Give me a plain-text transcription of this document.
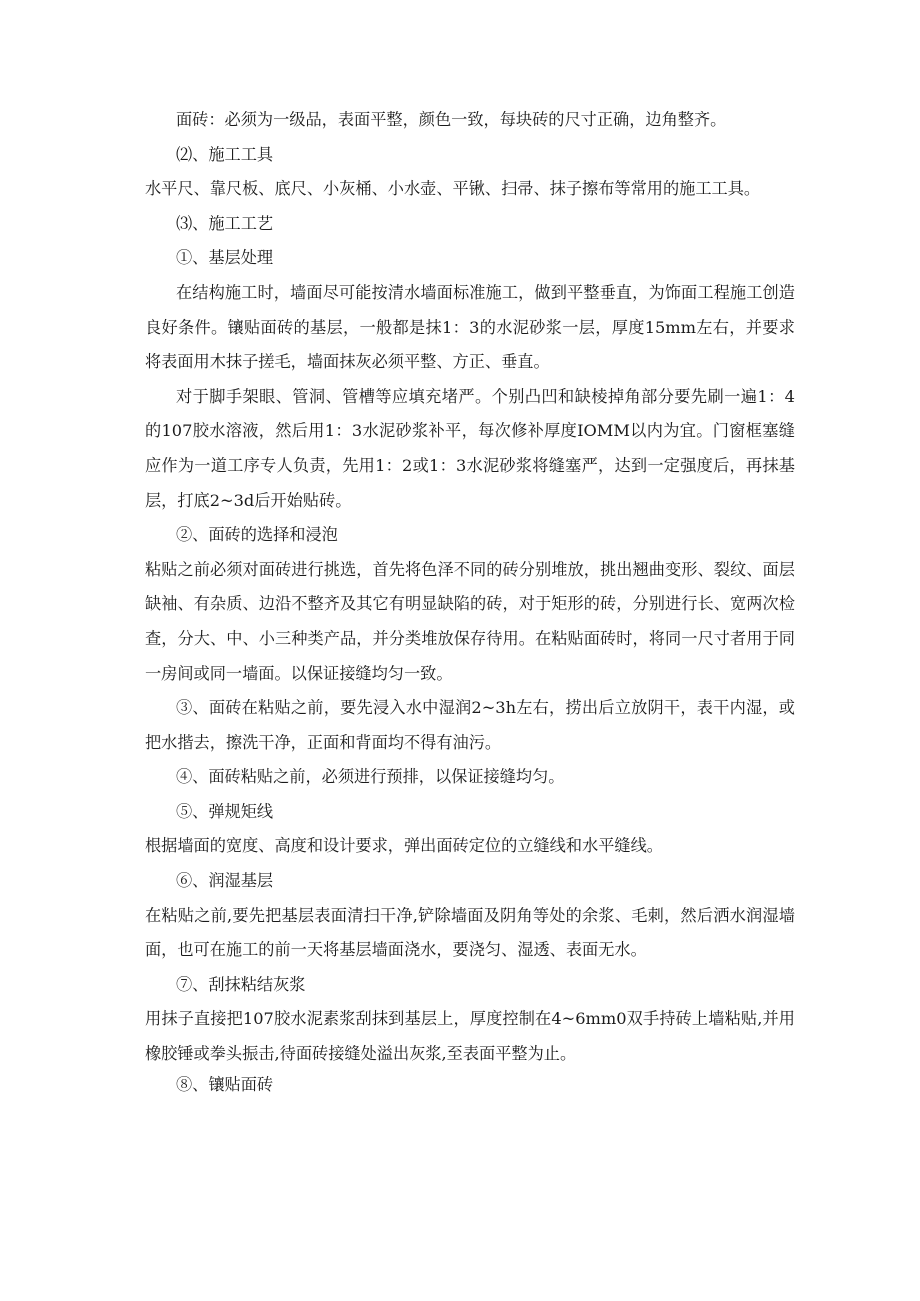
面砖：必须为一级品，表面平整，颜色一致，每块砖的尺寸正确，边角整齐。

⑵、施工工具

水平尺、靠尺板、底尺、小灰桶、小水壶、平锹、扫帚、抹子擦布等常用的施工工具。

⑶、施工工艺

①、基层处理

在结构施工时，墙面尽可能按清水墙面标准施工，做到平整垂直，为饰面工程施工创造良好条件。镶贴面砖的基层，一般都是抹1：3的水泥砂浆一层，厚度15mm左右，并要求将表面用木抹子搓毛，墙面抹灰必须平整、方正、垂直。

对于脚手架眼、管洞、管槽等应填充堵严。个别凸凹和缺棱掉角部分要先刷一遍1：4的107胶水溶液，然后用1：3水泥砂浆补平，每次修补厚度IOMM以内为宜。门窗框塞缝应作为一道工序专人负责，先用1：2或1：3水泥砂浆将缝塞严，达到一定强度后，再抹基层，打底2~3d后开始贴砖。

②、面砖的选择和浸泡

粘贴之前必须对面砖进行挑选，首先将色泽不同的砖分别堆放，挑出翘曲变形、裂纹、面层缺袖、有杂质、边沿不整齐及其它有明显缺陷的砖，对于矩形的砖，分别进行长、宽两次检查，分大、中、小三种类产品，并分类堆放保存待用。在粘贴面砖时，将同一尺寸者用于同一房间或同一墙面。以保证接缝均匀一致。

③、面砖在粘贴之前，要先浸入水中湿润2~3h左右，捞出后立放阴干，表干内湿，或把水揩去，擦洗干净，正面和背面均不得有油污。

④、面砖粘贴之前，必须进行预排，以保证接缝均匀。

⑤、弹规矩线

根据墙面的宽度、高度和设计要求，弹出面砖定位的立缝线和水平缝线。

⑥、润湿基层

在粘贴之前,要先把基层表面清扫干净,铲除墙面及阴角等处的余浆、毛刺，然后洒水润湿墙面，也可在施工的前一天将基层墙面浇水，要浇匀、湿透、表面无水。

⑦、刮抹粘结灰浆

用抹子直接把107胶水泥素浆刮抹到基层上，厚度控制在4~6mm0双手持砖上墙粘贴,并用橡胶锤或拳头振击,待面砖接缝处溢出灰浆,至表面平整为止。

⑧、镶贴面砖
